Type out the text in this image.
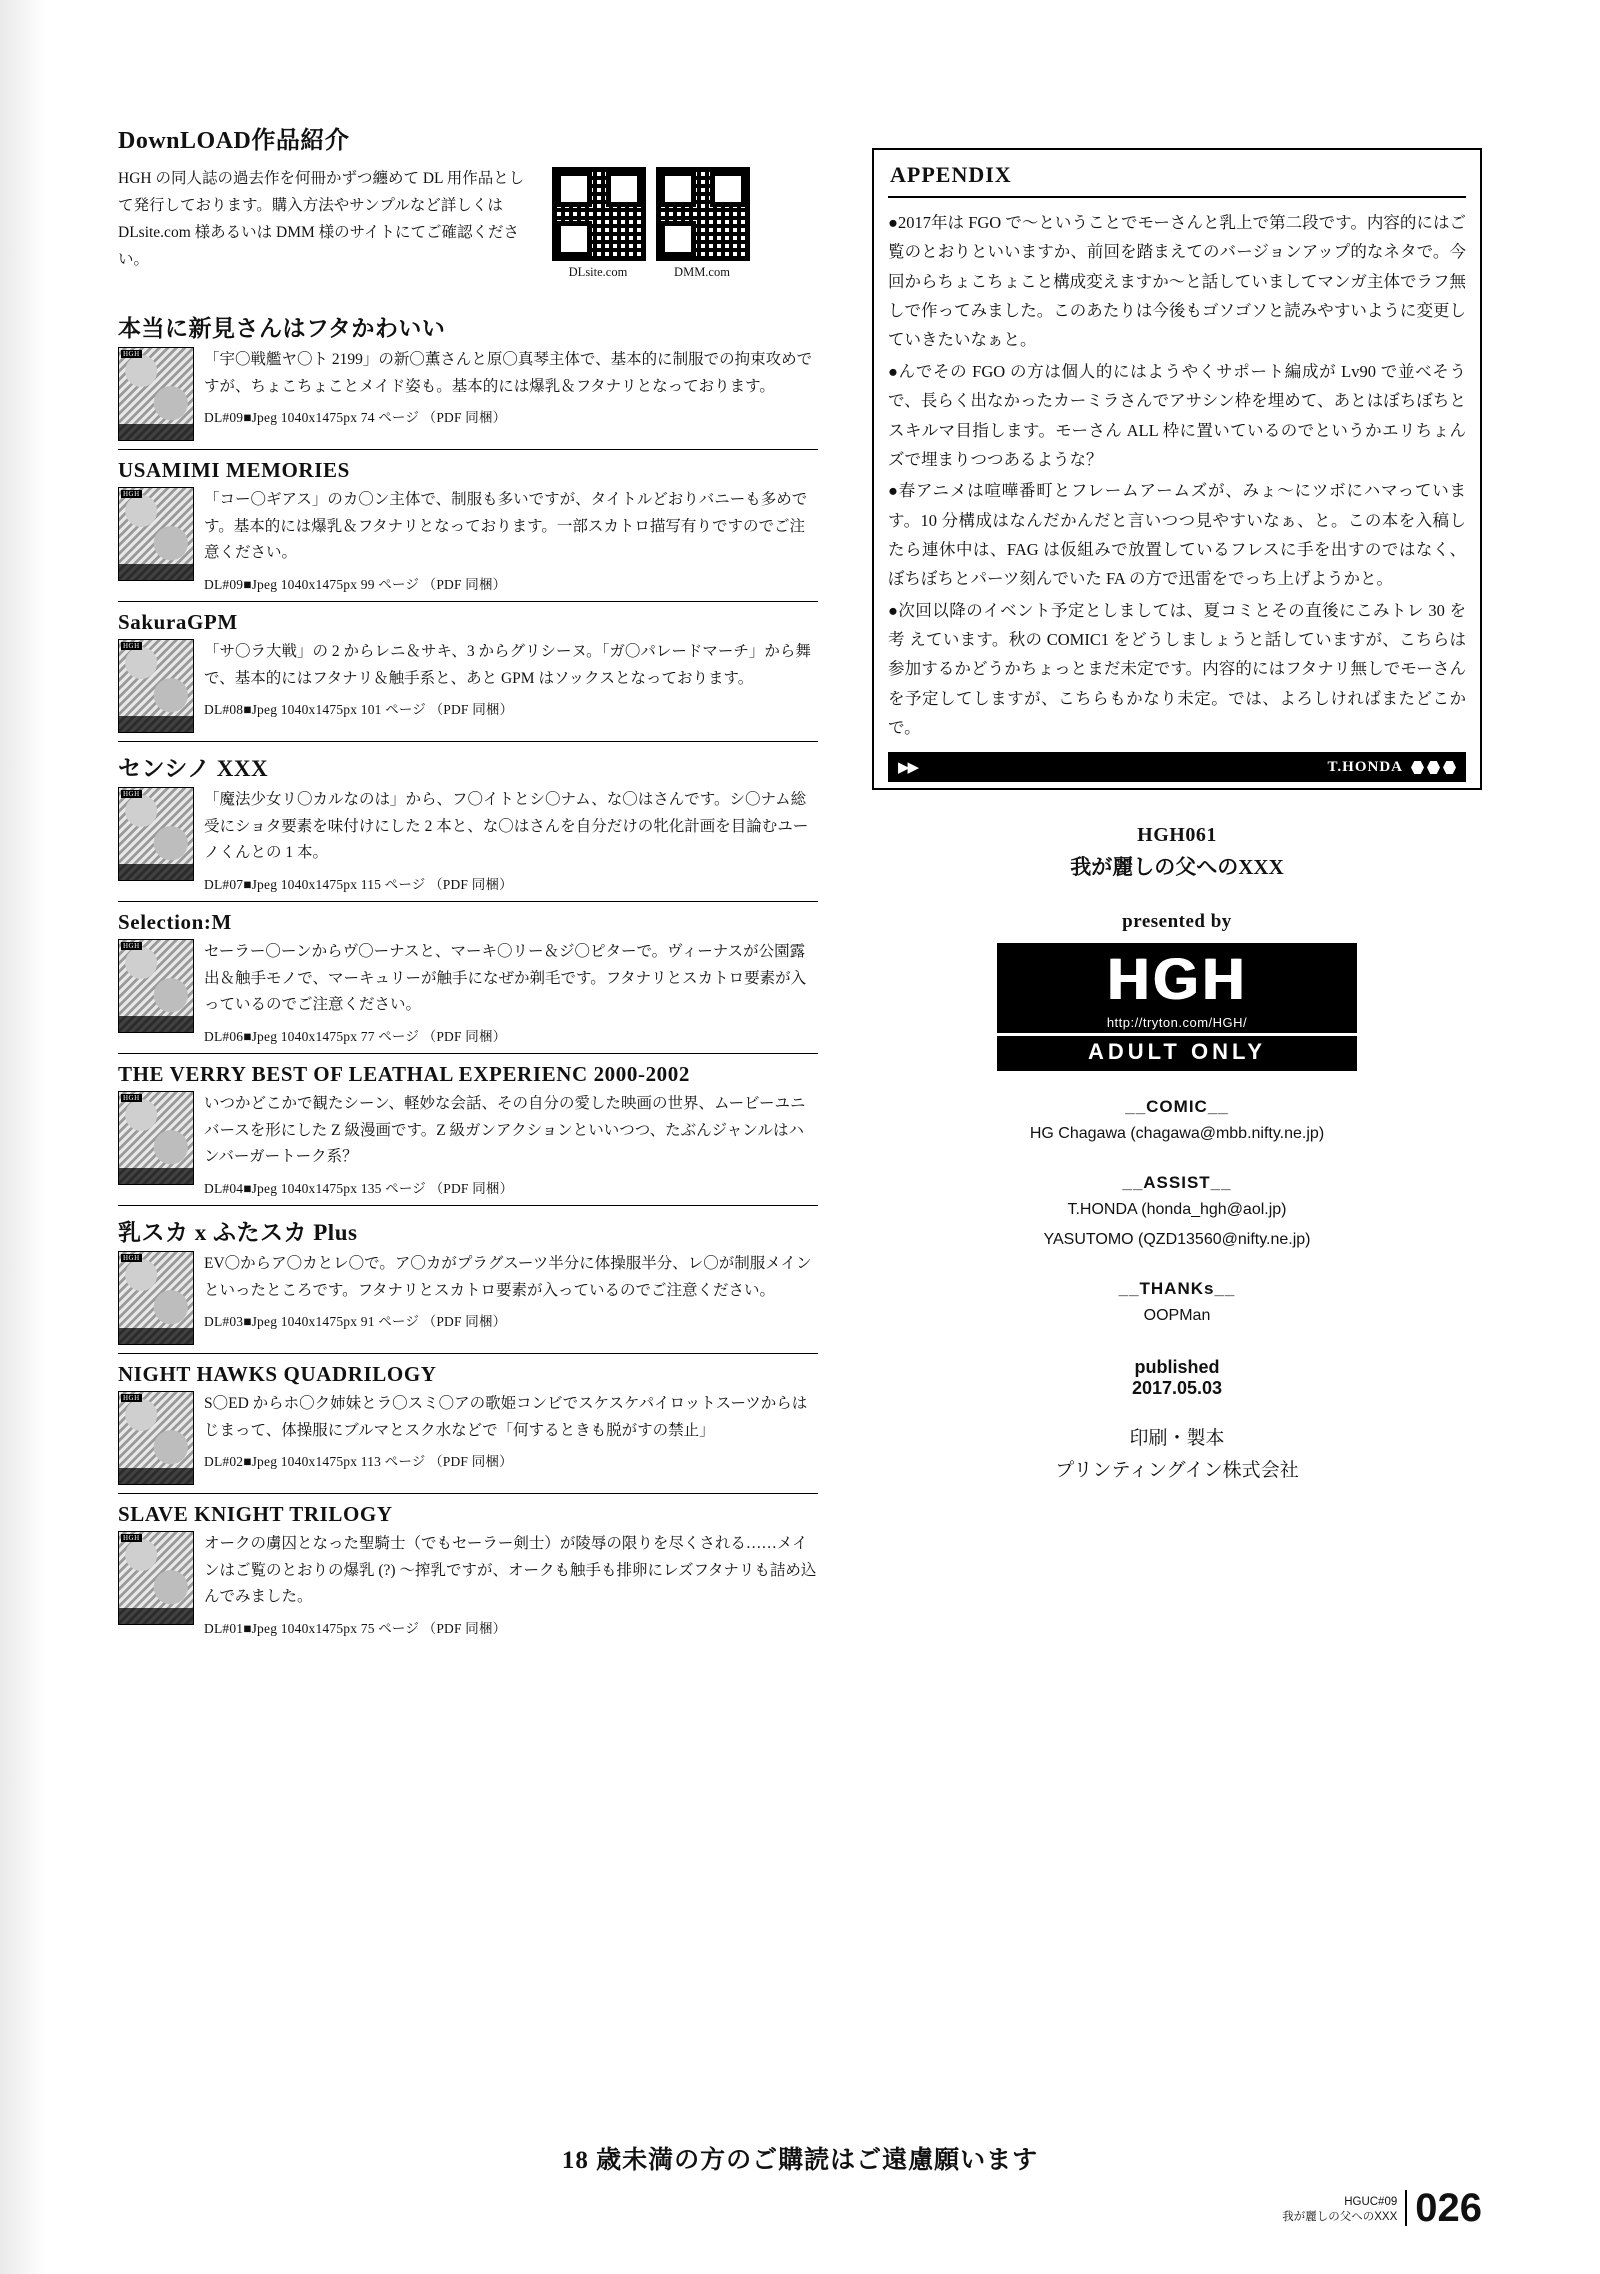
DownLOAD作品紹介
HGH の同人誌の過去作を何冊かずつ纏めて DL 用作品として発行しております。購入方法やサンプルなど詳しくは DLsite.com 様あるいは DMM 様のサイトにてご確認ください。
DLsite.com	DMM.com
本当に新見さんはフタかわいい
HGH	「宇〇戦艦ヤ〇ト 2199」の新〇薫さんと原〇真琴主体で、基本的に制服での拘束攻めですが、ちょこちょことメイド姿も。基本的には爆乳＆フタナリとなっております。
DL#09■Jpeg 1040x1475px 74 ページ （PDF 同梱）
USAMIMI MEMORIES
HGH	「コー〇ギアス」のカ〇ン主体で、制服も多いですが、タイトルどおりバニーも多めです。基本的には爆乳＆フタナリとなっております。一部スカトロ描写有りですのでご注意ください。
DL#09■Jpeg 1040x1475px 99 ページ （PDF 同梱）
SakuraGPM
HGH	「サ〇ラ大戦」の 2 からレニ＆サキ、3 からグリシーヌ。「ガ〇パレードマーチ」から舞で、基本的にはフタナリ＆触手系と、あと GPM はソックスとなっております。
DL#08■Jpeg 1040x1475px 101 ページ （PDF 同梱）
センシノ XXX
HGH	「魔法少女リ〇カルなのは」から、フ〇イトとシ〇ナム、な〇はさんです。シ〇ナム総受にショタ要素を味付けにした 2 本と、な〇はさんを自分だけの牝化計画を目論むユーノくんとの 1 本。
DL#07■Jpeg 1040x1475px 115 ページ （PDF 同梱）
Selection:M
HGH	セーラー〇ーンからヴ〇ーナスと、マーキ〇リー＆ジ〇ピターで。ヴィーナスが公園露出＆触手モノで、マーキュリーが触手になぜか剃毛です。フタナリとスカトロ要素が入っているのでご注意ください。
DL#06■Jpeg 1040x1475px 77 ページ （PDF 同梱）
THE VERRY BEST OF LEATHAL EXPERIENC 2000-2002
HGH	いつかどこかで観たシーン、軽妙な会話、その自分の愛した映画の世界、ムービーユニバースを形にした Z 級漫画です。Z 級ガンアクションといいつつ、たぶんジャンルはハンバーガートーク系？
DL#04■Jpeg 1040x1475px 135 ページ （PDF 同梱）
乳スカ x ふたスカ Plus
HGH	EV〇からア〇カとレ〇で。ア〇カがプラグスーツ半分に体操服半分、レ〇が制服メインといったところです。フタナリとスカトロ要素が入っているのでご注意ください。
DL#03■Jpeg 1040x1475px 91 ページ （PDF 同梱）
NIGHT HAWKS QUADRILOGY
HGH	S〇ED からホ〇ク姉妹とラ〇スミ〇アの歌姫コンビでスケスケパイロットスーツからはじまって、体操服にブルマとスク水などで「何するときも脱がすの禁止」
DL#02■Jpeg 1040x1475px 113 ページ （PDF 同梱）
SLAVE KNIGHT TRILOGY
HGH	オークの虜囚となった聖騎士（でもセーラー剣士）が陵辱の限りを尽くされる……メインはご覧のとおりの爆乳 (?) 〜搾乳ですが、オークも触手も排卵にレズフタナリも詰め込んでみました。
DL#01■Jpeg 1040x1475px 75 ページ （PDF 同梱）
APPENDIX

●2017年は FGO で〜ということでモーさんと乳上で第二段です。内容的にはご覧のとおりといいますか、前回を踏まえてのバージョンアップ的なネタで。今回からちょこちょこと構成変えますか〜と話していましてマンガ主体でラフ無しで作ってみました。このあたりは今後もゴソゴソと読みやすいように変更していきたいなぁと。

●んでその FGO の方は個人的にはようやくサポート編成が Lv90 で並べそうで、長らく出なかったカーミラさんでアサシン枠を埋めて、あとはぼちぼちとスキルマ目指します。モーさん ALL 枠に置いているのでというかエリちょんズで埋まりつつあるような？

●春アニメは喧嘩番町とフレームアームズが、みょ〜にツボにハマっています。10 分構成はなんだかんだと言いつつ見やすいなぁ、と。この本を入稿したら連休中は、FAG は仮組みで放置しているフレスに手を出すのではなく、ぼちぼちとパーツ刻んでいた FA の方で迅雷をでっち上げようかと。

●次回以降のイベント予定としましては、夏コミとその直後にこみトレ 30 を考 えています。秋の COMIC1 をどうしましょうと話していますが、こちらは参加するかどうかちょっとまだ未定です。内容的にはフタナリ無しでモーさんを予定してしますが、こちらもかなり未定。では、よろしければまたどこかで。

▶▶	T.HONDA
HGH061
我が麗しの父へのXXX
presented by
HGH
http://tryton.com/HGH/
ADULT ONLY
__COMIC__
HG Chagawa (chagawa@mbb.nifty.ne.jp)
__ASSIST__
T.HONDA (honda_hgh@aol.jp)
YASUTOMO (QZD13560@nifty.ne.jp)
__THANKs__
OOPMan
published
2017.05.03
印刷・製本
プリンティングイン株式会社
18 歳未満の方のご購読はご遠慮願います
HGUC#09
我が麗しの父へのXXX 026
